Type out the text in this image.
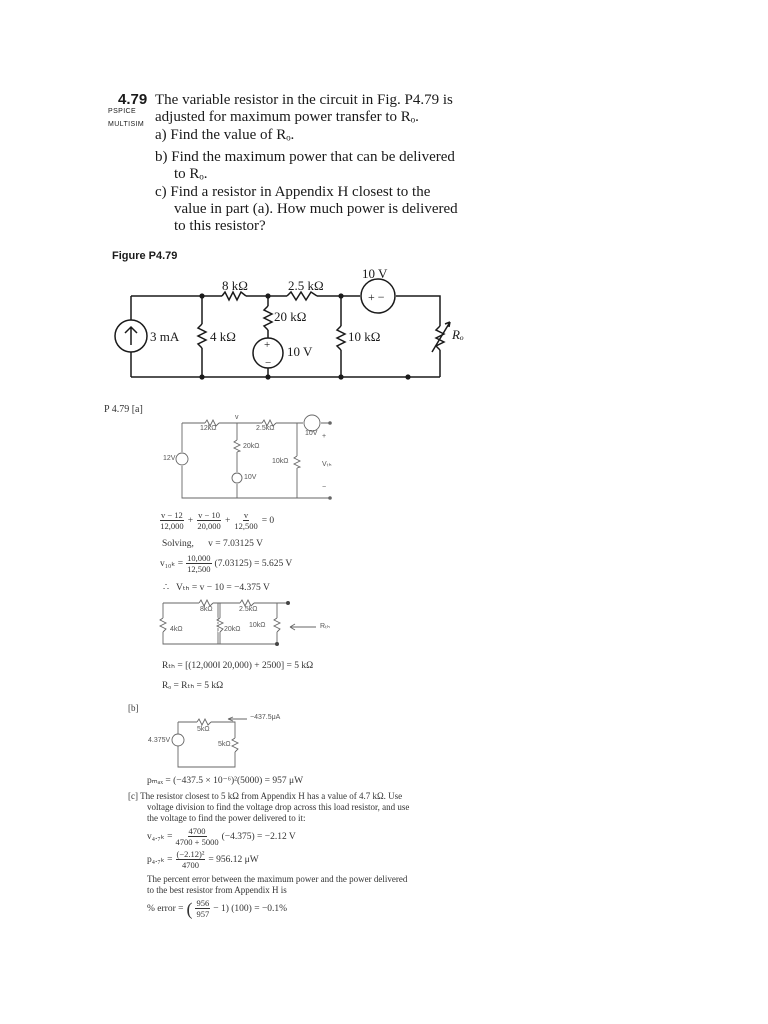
4.79
PSPICE
MULTISIM
The variable resistor in the circuit in Fig. P4.79 is
adjusted for maximum power transfer to Rₒ.
a) Find the value of Rₒ.
b) Find the maximum power that can be delivered
to Rₒ.
c) Find a resistor in Appendix H closest to the
value in part (a). How much power is delivered
to this resistor?
Figure P4.79
+ −
+
−
8 kΩ	2.5 kΩ
10 V
20 kΩ
3 mA 4 kΩ
10 V
10 kΩ	Rₒ
P 4.79 [a]
12kΩ
v
2.5kΩ
10V
20kΩ
12V	10kΩ
10V
Vₜₕ
+
−
$\frac{v - 12}{12,000} + \frac{v - 10}{20,000} + \frac{v}{12,500} = 0$
Solving,      v = 7.03125 V
$v_{10k} = \frac{10,000}{12,500} (7.03125) = 5.625$ V
∴   Vₜₕ = v − 10 = −4.375 V
8kΩ	2.5kΩ
4kΩ	20kΩ
10kΩ	Rₜₕ
Rₜₕ = [(12,000‖ 20,000) + 2500] = 5 kΩ
Rₒ = Rₜₕ = 5 kΩ
[b]
−437.5μA
5kΩ
4.375V
5kΩ
pₘₐₓ = (−437.5 × 10⁻⁶)²(5000) = 957 μW
[c] The resistor closest to 5 kΩ from Appendix H has a value of 4.7 kΩ. Use
voltage division to find the voltage drop across this load resistor, and use
the voltage to find the power delivered to it:
$v_4._{7k} = \frac{4700}{4700 + 5000} (-4.375) = -2.12$ V
$p_4._{7k} = \frac{\text{(−2.12)²}}{4700} = 956.12$ μW
The percent error between the maximum power and the power delivered
to the best resistor from Appendix H is
% error = ( $\frac{956}{957} - 1$) (100) = −0.1%
